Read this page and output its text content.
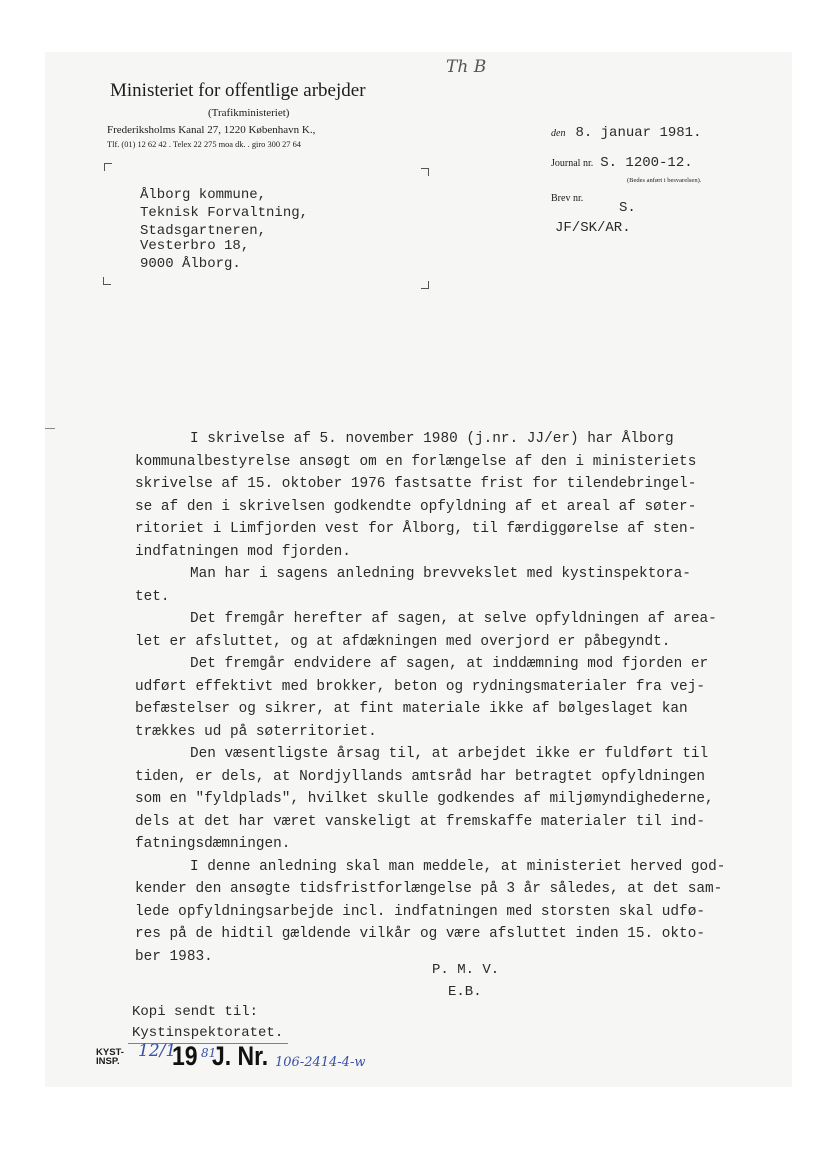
Ministeriet for offentlige arbejder
(Trafikministeriet)
Frederiksholms Kanal 27, 1220 København K.,
Tlf. (01) 12 62 42 . Telex 22 275 moa dk. . giro 300 27 64
Th B
den 8. januar 1981.
Journal nr. S. 1200-12.
(Bedes anført i besvarelsen).
Brev nr.
S.
JF/SK/AR.
Ålborg kommune,
Teknisk Forvaltning,
Stadsgartneren,
Vesterbro 18,
9000 Ålborg.

I skrivelse af 5. november 1980 (j.nr. JJ/er) har Ålborg

kommunalbestyrelse ansøgt om en forlængelse af den i ministeriets

skrivelse af 15. oktober 1976 fastsatte frist for tilendebringel-

se af den i skrivelsen godkendte opfyldning af et areal af søter-

ritoriet i Limfjorden vest for Ålborg, til færdiggørelse af sten-

indfatningen mod fjorden.

Man har i sagens anledning brevvekslet med kystinspektora-

tet.

Det fremgår herefter af sagen, at selve opfyldningen af area-

let er afsluttet, og at afdækningen med overjord er påbegyndt.

Det fremgår endvidere af sagen, at inddæmning mod fjorden er

udført effektivt med brokker, beton og rydningsmaterialer fra vej-

befæstelser og sikrer, at fint materiale ikke af bølgeslaget kan

trækkes ud på søterritoriet.

Den væsentligste årsag til, at arbejdet ikke er fuldført til

tiden, er dels, at Nordjyllands amtsråd har betragtet opfyldningen

som en "fyldplads", hvilket skulle godkendes af miljømyndighederne,

dels at det har været vanskeligt at fremskaffe materialer til ind-

fatningsdæmningen.

I denne anledning skal man meddele, at ministeriet herved god-

kender den ansøgte tidsfristforlængelse på 3 år således, at det sam-

lede opfyldningsarbejde incl. indfatningen med storsten skal udfø-

res på de hidtil gældende vilkår og være afsluttet inden 15. okto-

ber 1983.

P. M. V.
E.B.
Kopi sendt til:
Kystinspektoratet.
KYST-
INSP.
12/1
19 81
J. Nr. 106-2414-4-w
